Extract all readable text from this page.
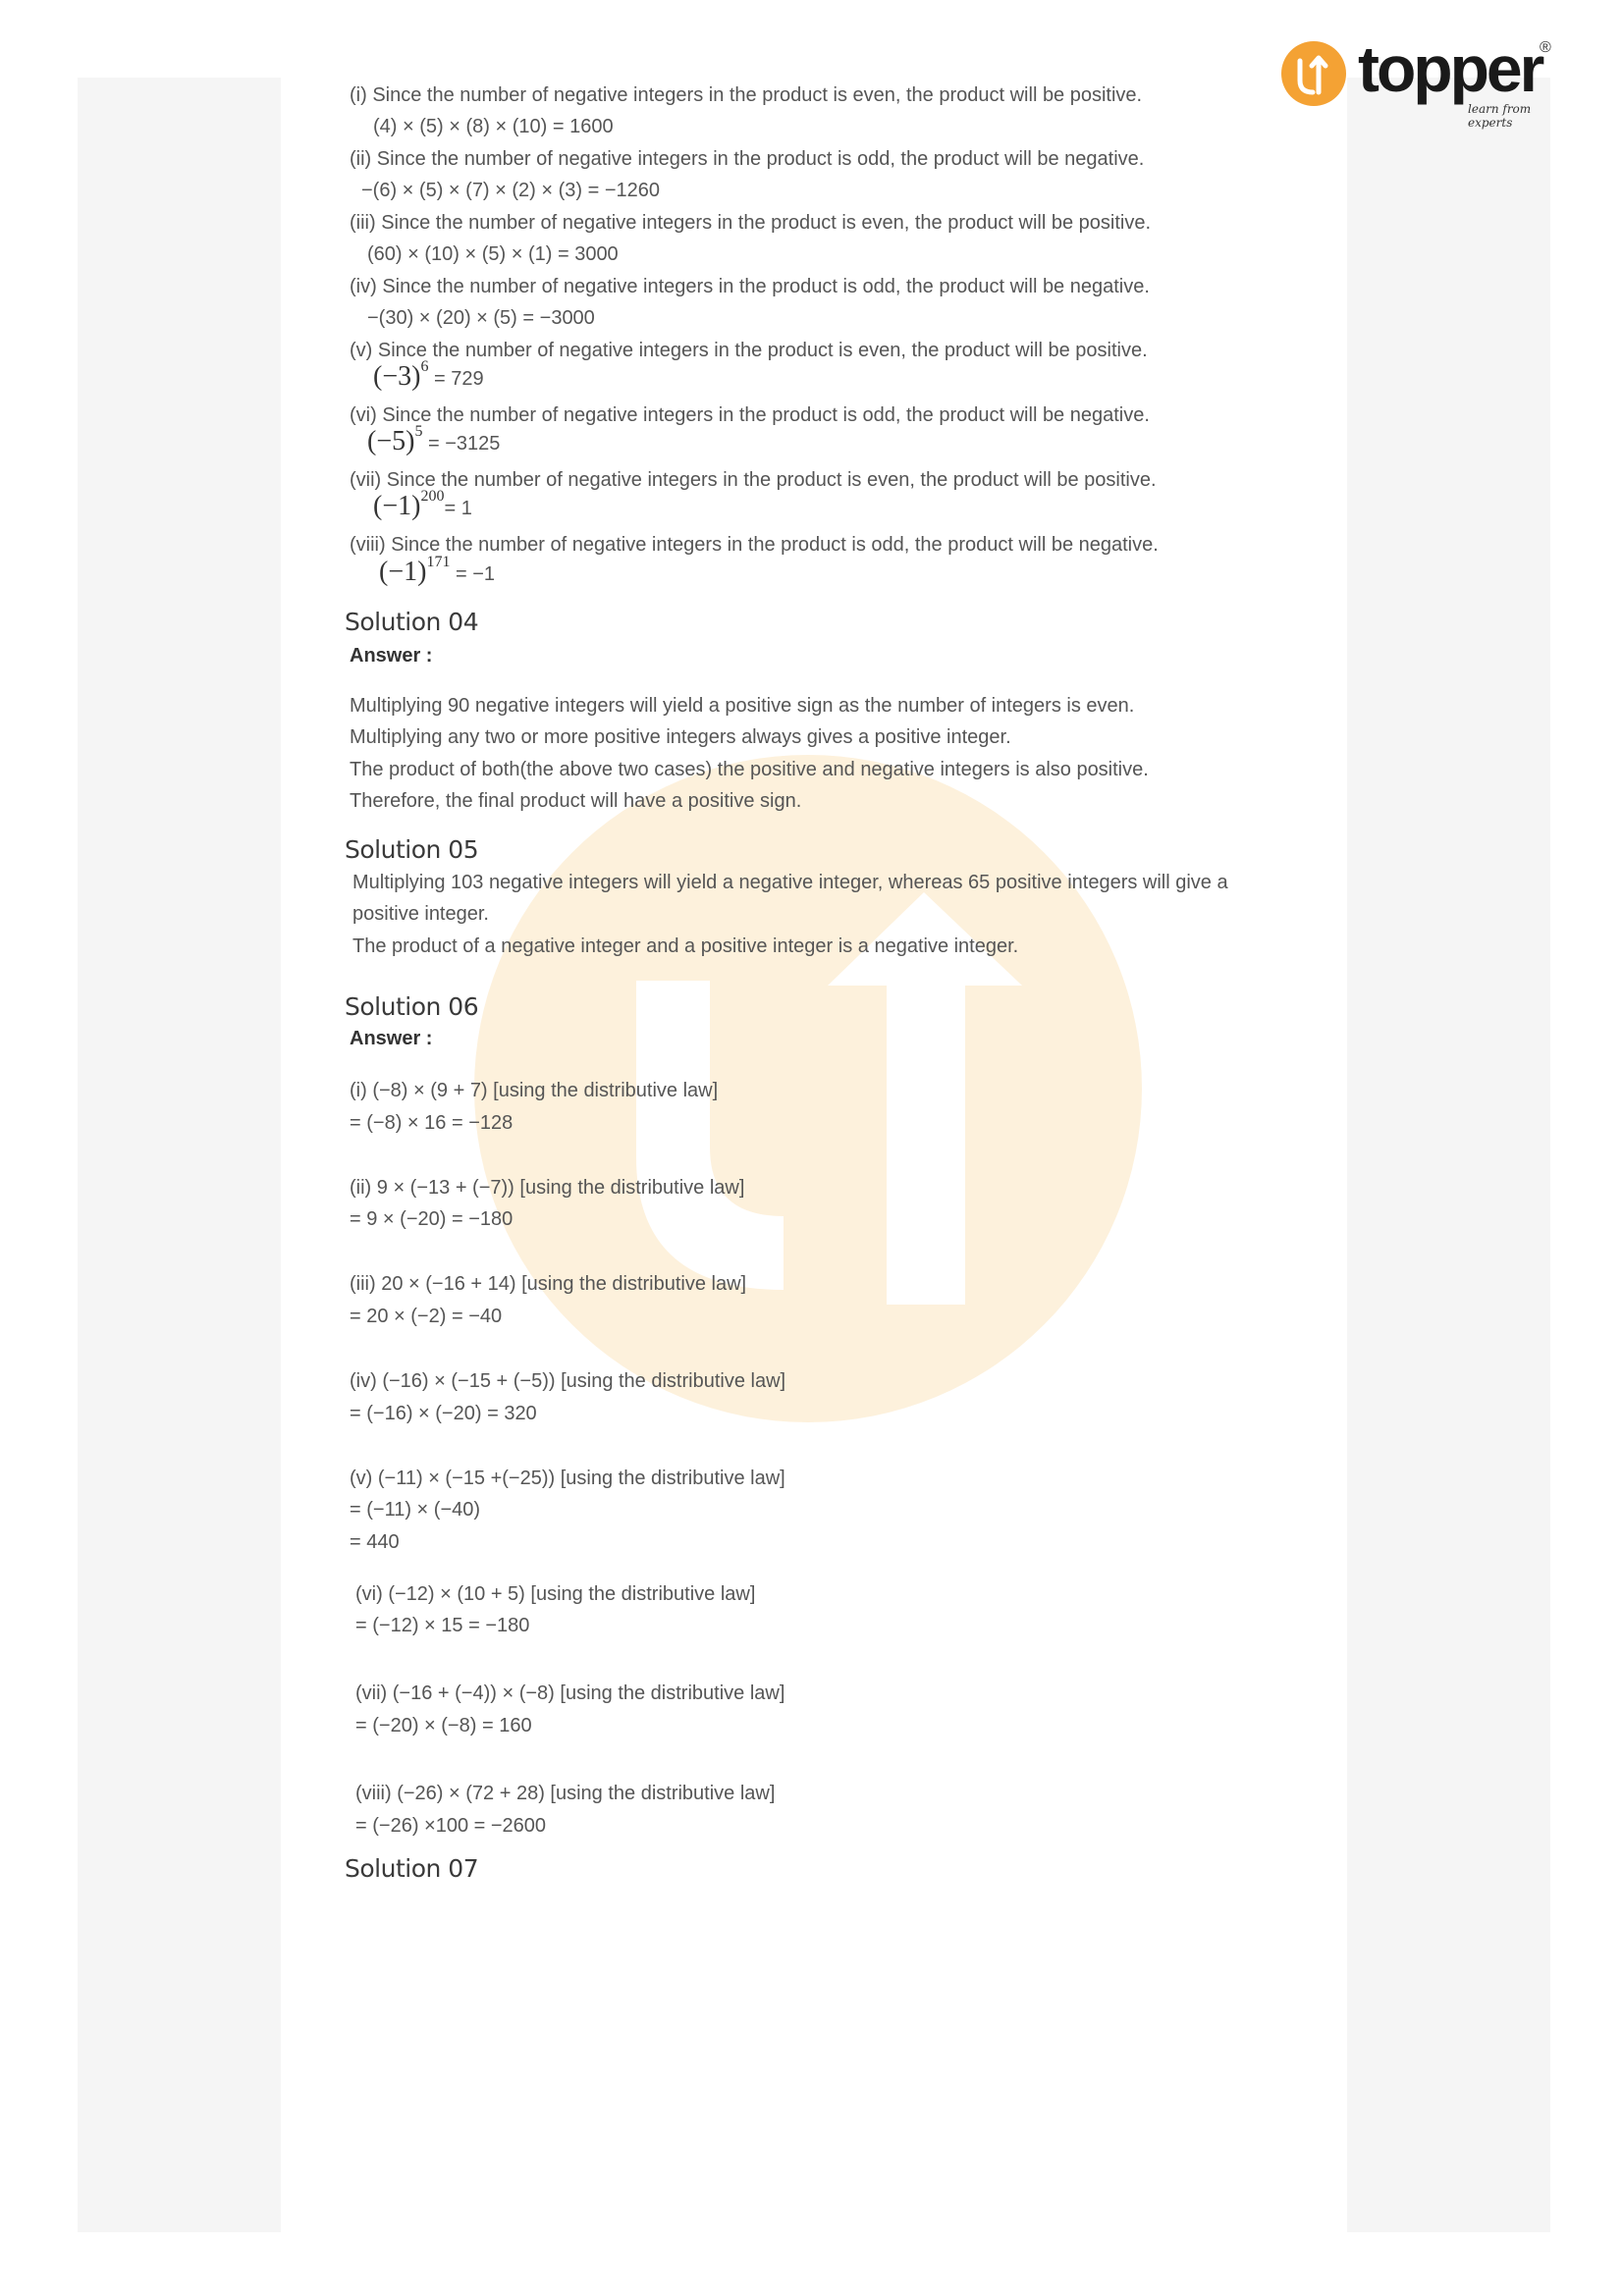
topper
learn from experts
®
(i) Since the number of negative integers in the product is even, the product will be positive.
(4) × (5) × (8) × (10) = 1600
(ii) Since the number of negative integers in the product is odd, the product will be negative.
−(6) × (5) × (7) × (2) × (3) = −1260
(iii) Since the number of negative integers in the product is even, the product will be positive.
(60) × (10) × (5) × (1) = 3000
(iv) Since the number of negative integers in the product is odd, the product will be negative.
−(30) × (20) × (5) = −3000
(v) Since the number of negative integers in the product is even, the product will be positive.
$(-3)^6 = 729$
(vi) Since the number of negative integers in the product is odd, the product will be negative.
$(-5)^5 = -3125$
(vii) Since the number of negative integers in the product is even, the product will be positive.
$(-1)^{200}= 1$
(viii) Since the number of negative integers in the product is odd, the product will be negative.
$(-1)^{171} = -1$
Solution 04
Answer :
Multiplying 90 negative integers will yield a positive sign as the number of integers is even.
Multiplying any two or more positive integers always gives a positive integer.
The product of both(the above two cases) the positive and negative integers is also positive.
Therefore, the final product will have a positive sign.
Solution 05
Multiplying 103 negative integers will yield a negative integer, whereas 65 positive integers will give a
positive integer.
The product of a negative integer and a positive integer is a negative integer.
Solution 06
Answer :
(i) (−8) × (9 + 7) [using the distributive law]
= (−8) × 16 = −128
(ii) 9 × (−13 + (−7)) [using the distributive law]
= 9 × (−20) = −180
(iii) 20 × (−16 + 14) [using the distributive law]
= 20 × (−2) = −40
(iv) (−16) × (−15 + (−5)) [using the distributive law]
= (−16) × (−20) = 320
(v) (−11) × (−15 +(−25)) [using the distributive law]
= (−11) × (−40)
= 440
(vi) (−12) × (10 + 5) [using the distributive law]
= (−12) × 15 = −180
(vii) (−16 + (−4)) × (−8) [using the distributive law]
= (−20) × (−8) = 160
(viii) (−26) × (72 + 28) [using the distributive law]
= (−26) ×100 = −2600
Solution 07
